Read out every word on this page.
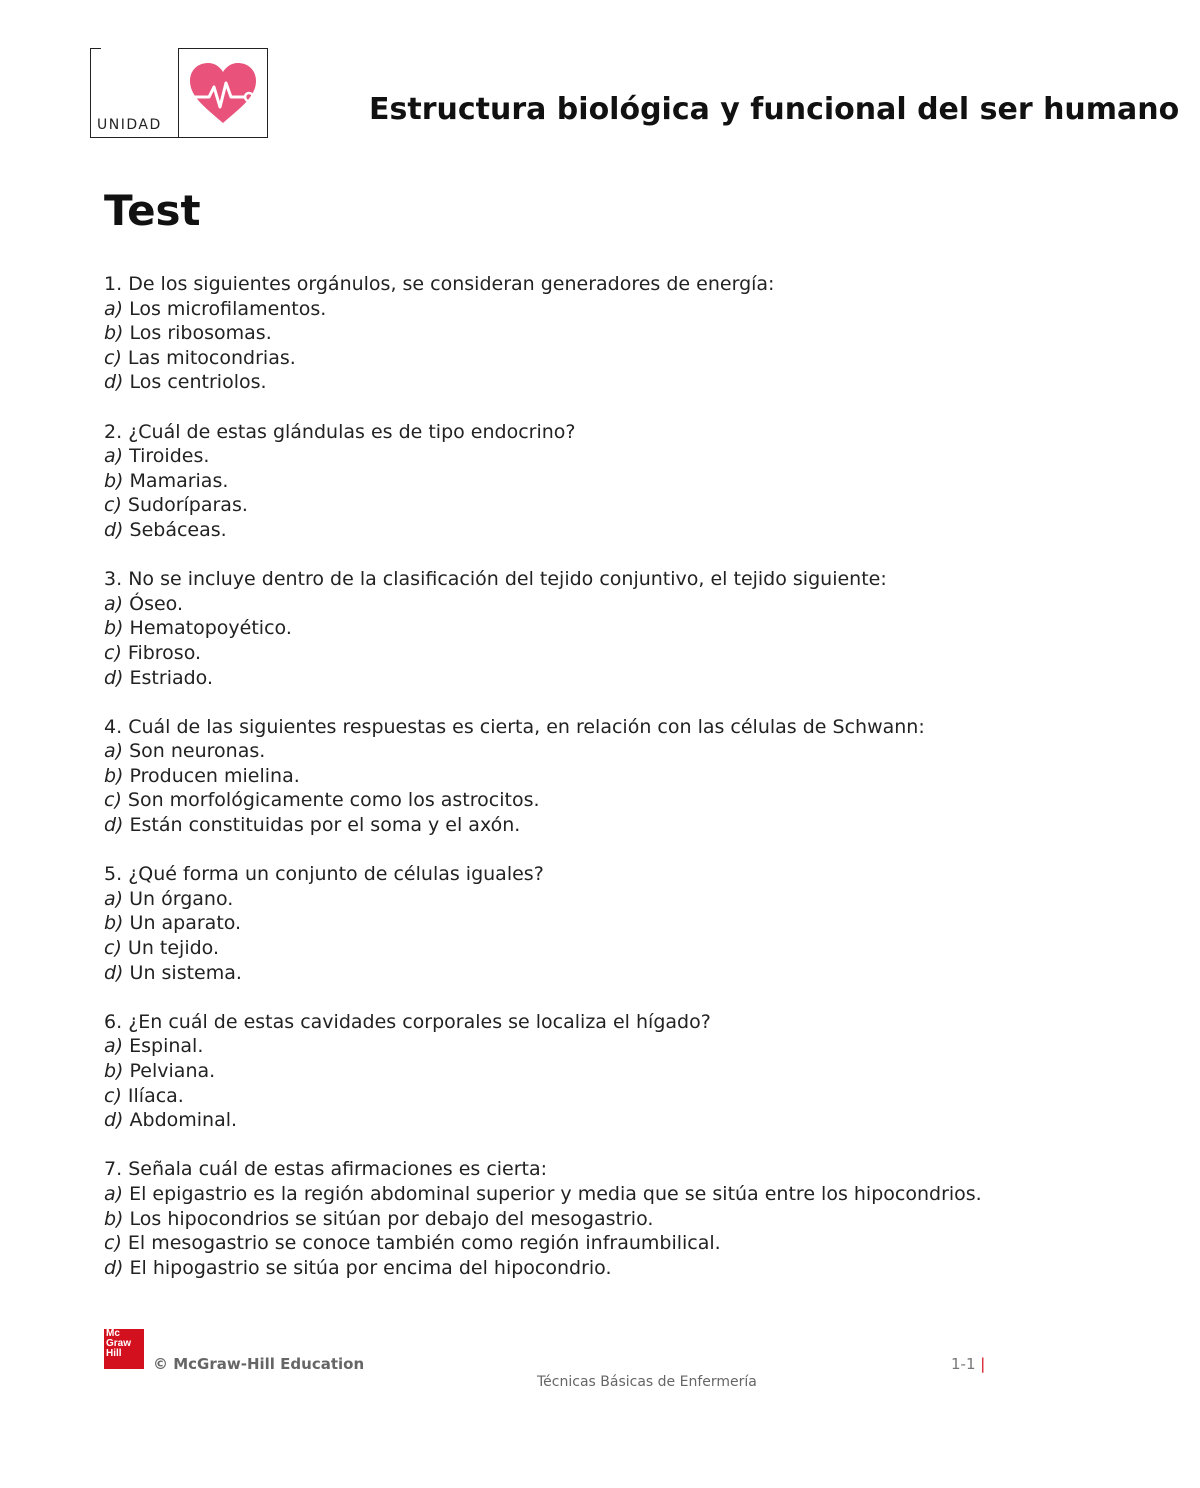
UNIDAD	Estructura biológica y funcional del ser humano
Test
1. De los siguientes orgánulos, se consideran generadores de energía:
a) Los microfilamentos.
b) Los ribosomas.
c) Las mitocondrias.
d) Los centriolos.
2. ¿Cuál de estas glándulas es de tipo endocrino?
a) Tiroides.
b) Mamarias.
c) Sudoríparas.
d) Sebáceas.
3. No se incluye dentro de la clasificación del tejido conjuntivo, el tejido siguiente:
a) Óseo.
b) Hematopoyético.
c) Fibroso.
d) Estriado.
4. Cuál de las siguientes respuestas es cierta, en relación con las células de Schwann:
a) Son neuronas.
b) Producen mielina.
c) Son morfológicamente como los astrocitos.
d) Están constituidas por el soma y el axón.
5. ¿Qué forma un conjunto de células iguales?
a) Un órgano.
b) Un aparato.
c) Un tejido.
d) Un sistema.
6. ¿En cuál de estas cavidades corporales se localiza el hígado?
a) Espinal.
b) Pelviana.
c) Ilíaca.
d) Abdominal.
7. Señala cuál de estas afirmaciones es cierta:
a) El epigastrio es la región abdominal superior y media que se sitúa entre los hipocondrios.
b) Los hipocondrios se sitúan por debajo del mesogastrio.
c) El mesogastrio se conoce también como región infraumbilical.
d) El hipogastrio se sitúa por encima del hipocondrio.
Mc
Graw
Hill
© McGraw-Hill Education	1-1 |
Técnicas Básicas de Enfermería
